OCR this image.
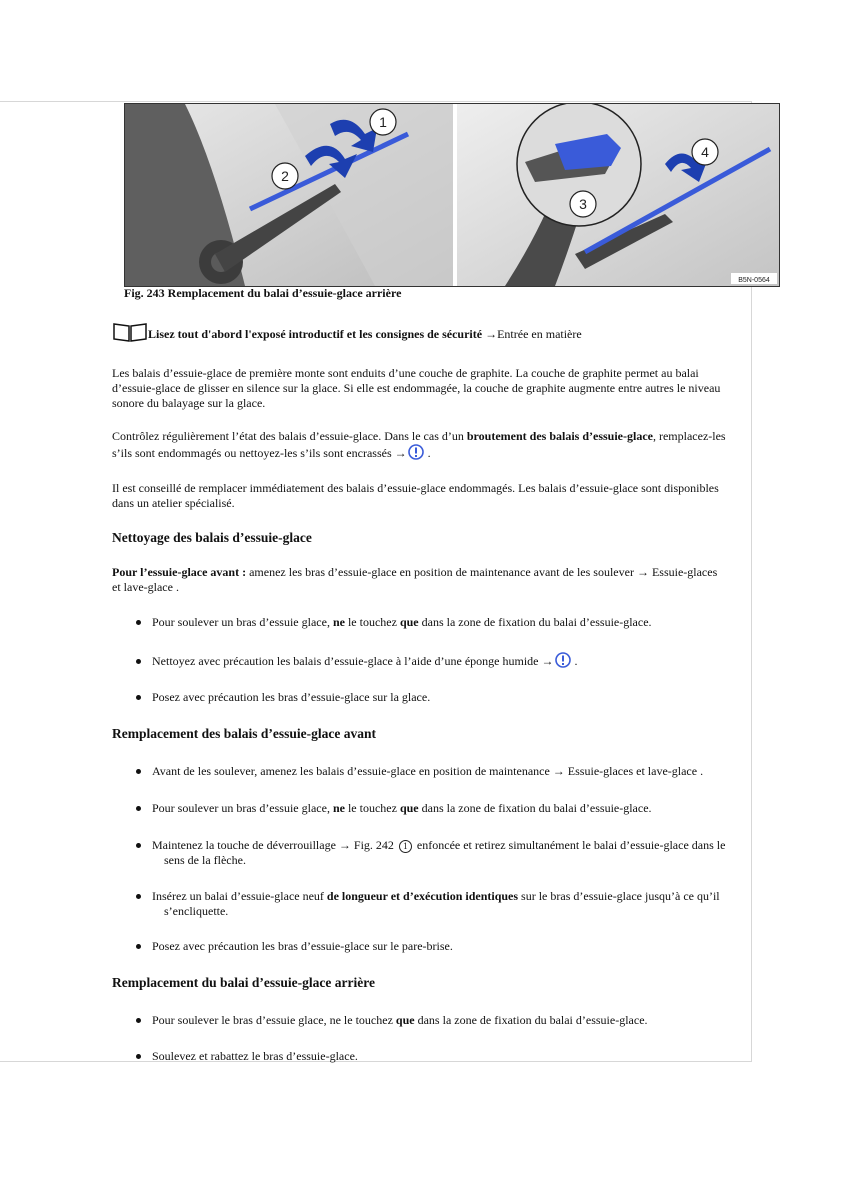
1
2
3
4
B5N-0564
Fig. 243 Remplacement du balai d’essuie-glace arrière
Lisez tout d'abord l'exposé introductif et les consignes de sécurité →Entrée en matière
Les balais d’essuie-glace de première monte sont enduits d’une couche de graphite. La couche de graphite permet au balai d’essuie-glace de glisser en silence sur la glace. Si elle est endommagée, la couche de graphite augmente entre autres le niveau sonore du balayage sur la glace.
Contrôlez régulièrement l’état des balais d’essuie-glace. Dans le cas d’un broutement des balais d’essuie-glace, remplacez-les
s’ils sont endommagés ou nettoyez-les s’ils sont encrassés → .
Il est conseillé de remplacer immédiatement des balais d’essuie-glace endommagés. Les balais d’essuie-glace sont disponibles dans un atelier spécialisé.
Nettoyage des balais d’essuie-glace
Pour l’essuie-glace avant : amenez les bras d’essuie-glace en position de maintenance avant de les soulever → Essuie-glaces
et lave-glace .
Pour soulever un bras d’essuie glace, ne le touchez que dans la zone de fixation du balai d’essuie-glace.
Nettoyez avec précaution les balais d’essuie-glace à l’aide d’une éponge humide → .
Posez avec précaution les bras d’essuie-glace sur la glace.
Remplacement des balais d’essuie-glace avant
Avant de les soulever, amenez les balais d’essuie-glace en position de maintenance → Essuie-glaces et lave-glace .
Pour soulever un bras d’essuie glace, ne le touchez que dans la zone de fixation du balai d’essuie-glace.
Maintenez la touche de déverrouillage → Fig. 242 1 enfoncée et retirez simultanément le balai d’essuie-glace dans le
sens de la flèche.
Insérez un balai d’essuie-glace neuf de longueur et d’exécution identiques sur le bras d’essuie-glace jusqu’à ce qu’il
s’encliquette.
Posez avec précaution les bras d’essuie-glace sur le pare-brise.
Remplacement du balai d’essuie-glace arrière
Pour soulever le bras d’essuie glace, ne le touchez que dans la zone de fixation du balai d’essuie-glace.
Soulevez et rabattez le bras d’essuie-glace.
